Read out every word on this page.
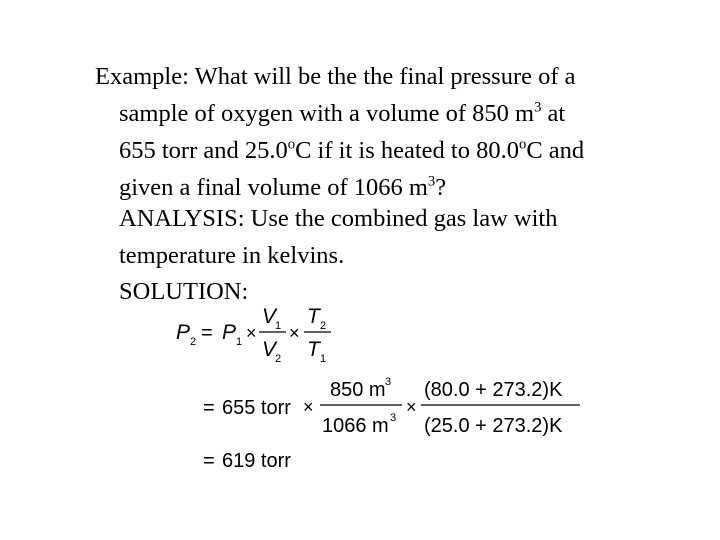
Example: What will be the the final pressure of a
sample of oxygen with a volume of 850 $m^3$ at
655 torr and 25.0$^o$C if it is heated to 80.0$^o$C and
given a final volume of 1066 $m^3$?
ANALYSIS: Use the combined gas law with
temperature in kelvins.
SOLUTION:
P 2 = P 1 ×
V
1
V
2
×
T 2
T 1
= 655 torr ×
850 m 3
1066 m 3
×
(80.0 + 273.2)K
(25.0 + 273.2)K
= 619 torr
